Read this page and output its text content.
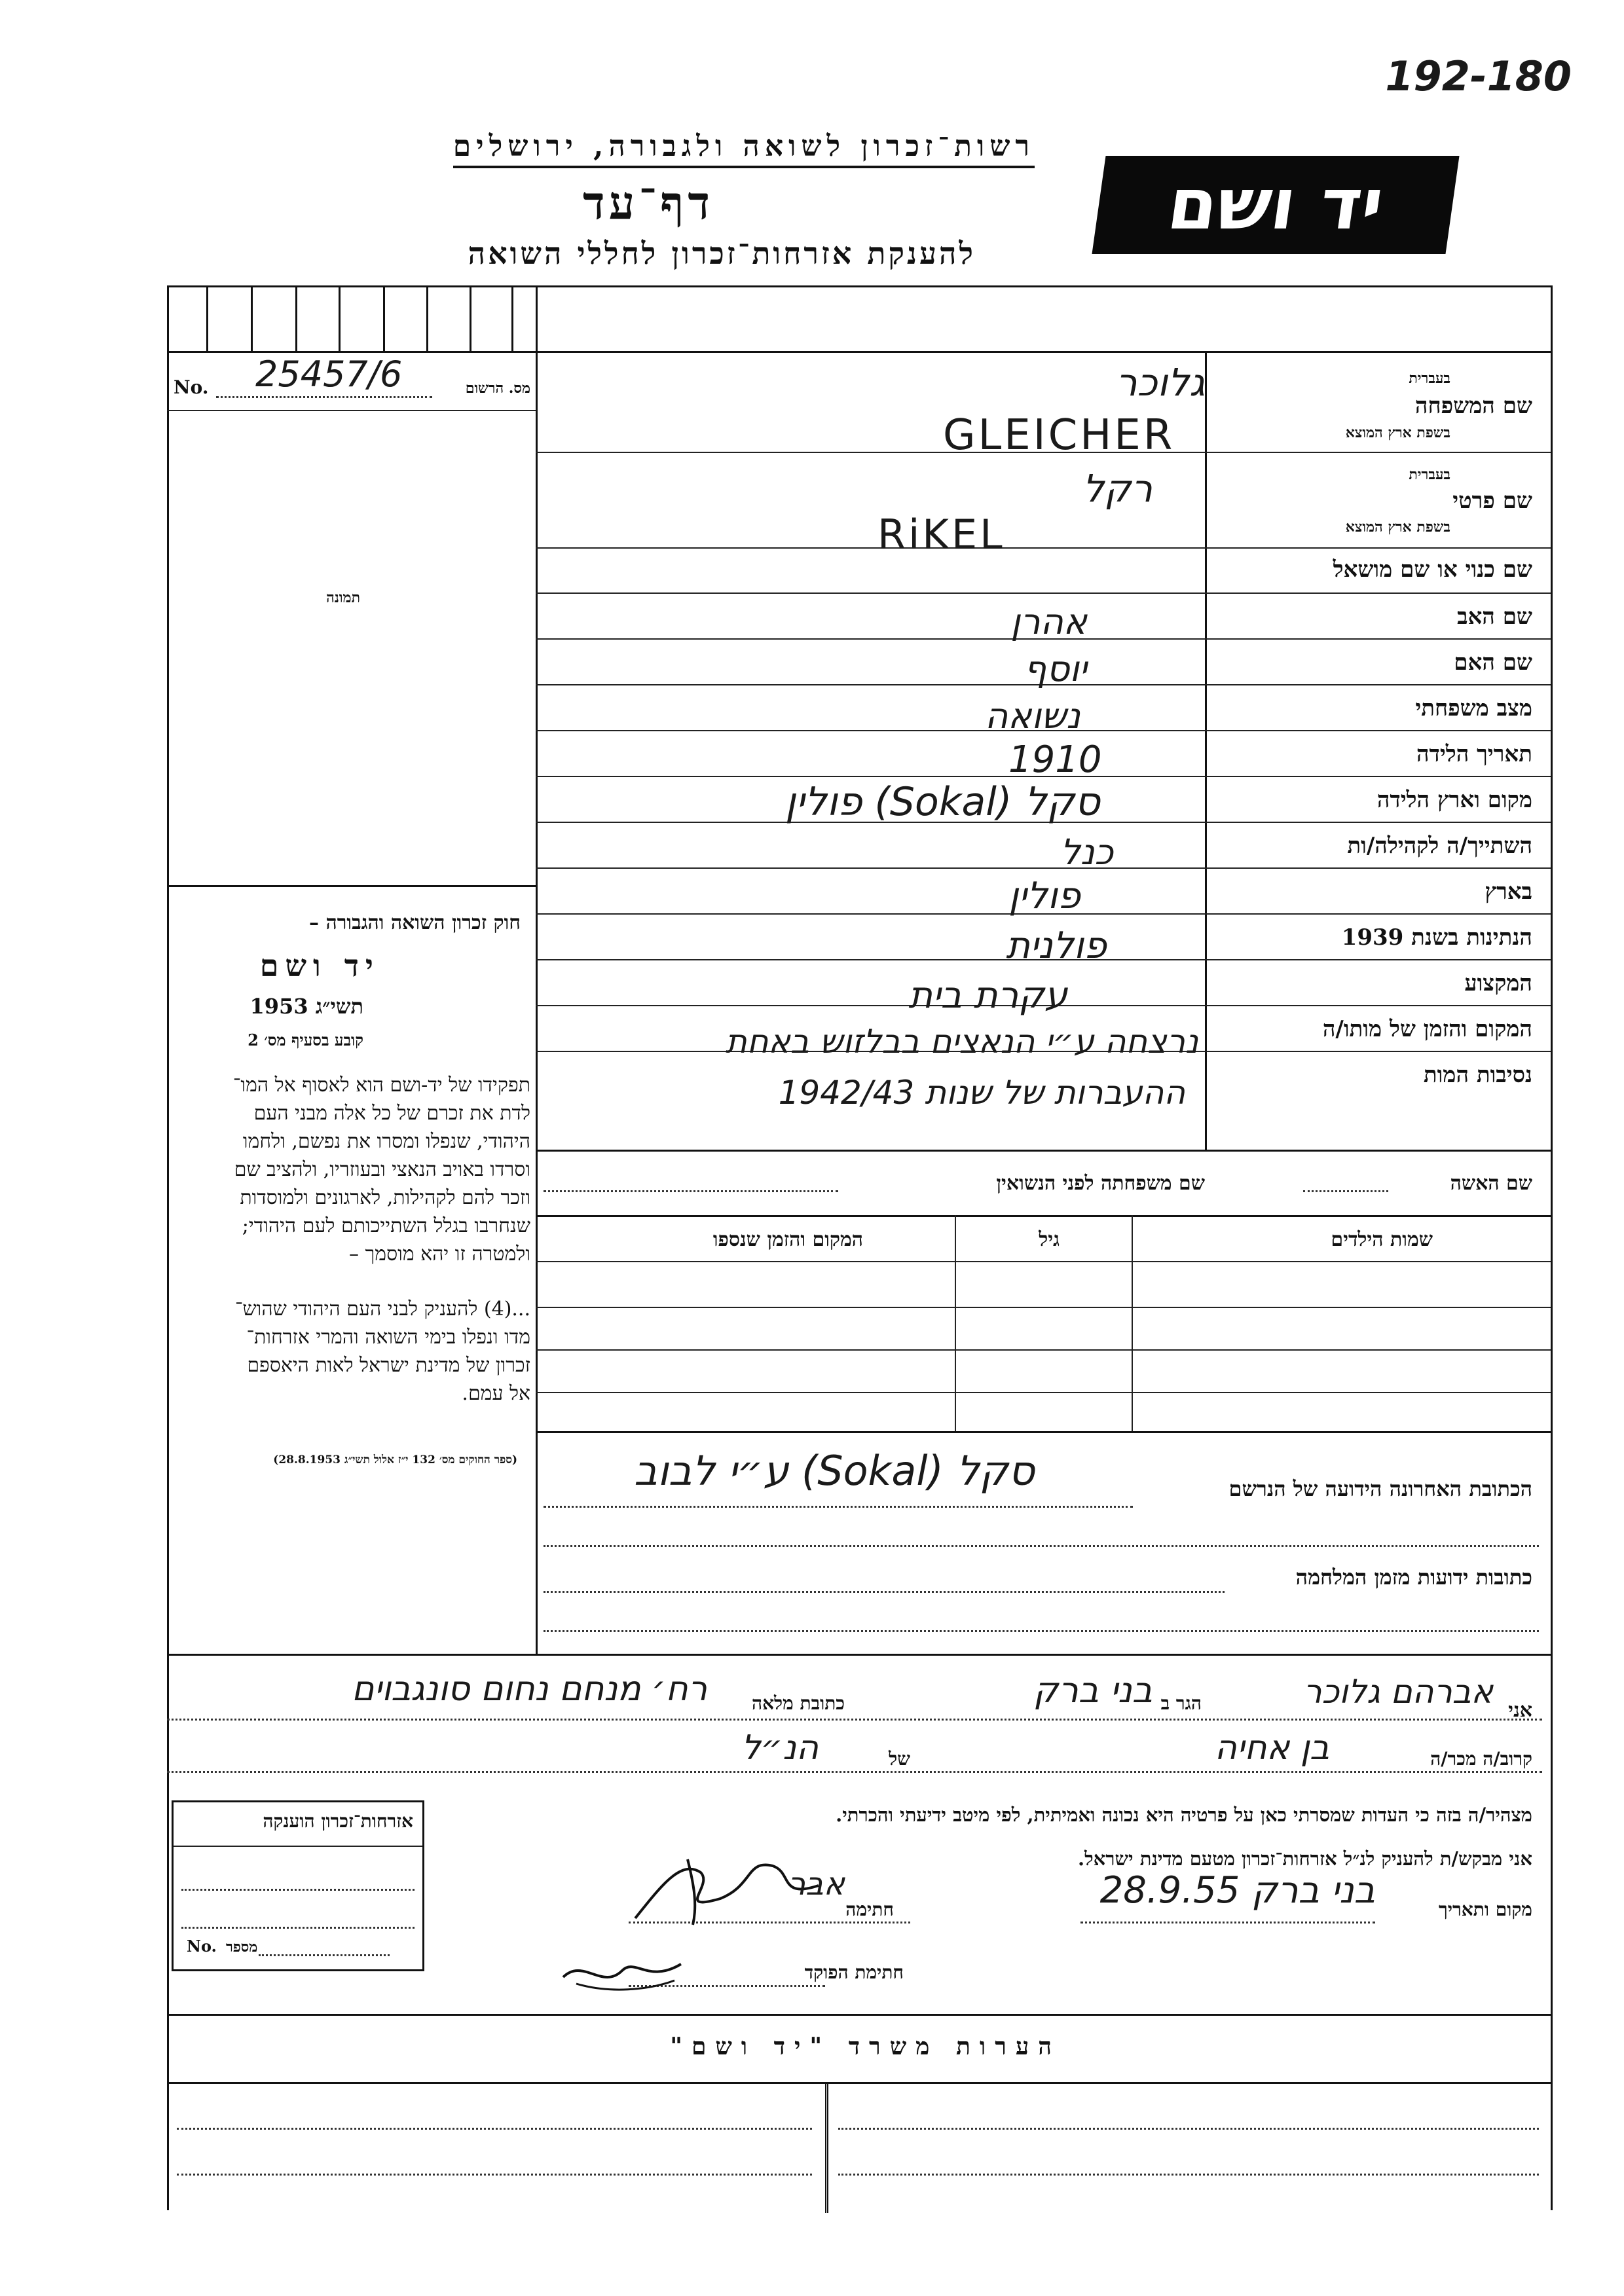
192-180
רשות־זכרון לשואה ולגבורה, ירושלים
דף־עד
להענקת אזרחות־זכרון לחללי השואה
יד ושם
No. 25457/6	מס. הרשום
תמונה
חוק זכרון השואה והגבורה –
יד ושם
תשי״ג 1953
קובע בסעיף מס׳ 2
תפקידו של יד-ושם הוא לאסוף אל המו־
לדת את זכרם של כל אלה מבני העם
היהודי, שנפלו ומסרו את נפשם, ולחמו
וסרדו באויב הנאצי ובעוזריו, ולהציב שם
וזכר להם לקהילות, לארגונים ולמוסדות
שנחרבו בגלל השתייכותם לעם היהודי;
ולמטרה זו יהא מוסמך –
...(4) להעניק לבני העם היהודי שהוש־
מדו ונפלו בימי השואה והמרי אזרחות־
זכרון של מדינת ישראל לאות היאספם
אל עמם.
(ספר החוקים מס׳ 132 י״ז אלול תשי״ג 28.8.1953)
שם המשפחה
בעברית
בשפת ארץ המוצא
שם פרטי
בעברית
בשפת ארץ המוצא
שם כנוי או שם מושאל
שם האב
שם האם
מצב משפחתי
תאריך הלידה
מקום וארץ הלידה
השתייך/ה לקהילה/ות
בארץ
הנתינות בשנת 1939
המקצוע
המקום והזמן של מותו/ה
נסיבות המות
גלוכר
GLEICHER
רקל
RiKEL
אהרן
יוסף
נשואה
1910
סקל (Sokal) פולין
כנל
פולין
פולנית
עקרת בית
נרצחה ע״י הנאצים בבלזוש באחת
ההעברות של שנות 1942/43
שם האשה
שם משפחתה לפני הנשואין
שמות הילדים
גיל
המקום והזמן שנספו
הכתובת האחרונה הידועה של הנרשם
סקל (Sokal) ע״י לבוב
כתובות ידועות מזמן המלחמה
אני
אברהם גלוכר
הגר ב
בני ברק
כתובת מלאה
רח׳ מנחם נחום סונגבוים
קרוב/ה מכר/ה
בן אחיה
של
הנ״ל
מצהיר/ה בזה כי העדות שמסרתי כאן על פרטיה היא נכונה ואמיתית, לפי מיטב ידיעתי והכרתי.
אני מבקש/ת להעניק לנ״ל אזרחות־זכרון מטעם מדינת ישראל.
מקום ותאריך
בני ברק 28.9.55
חתימה
אבר
חתימת הפוקד
אזרחות־זכרון הוענקה
No. מספר
הערות משרד "יד ושם"
